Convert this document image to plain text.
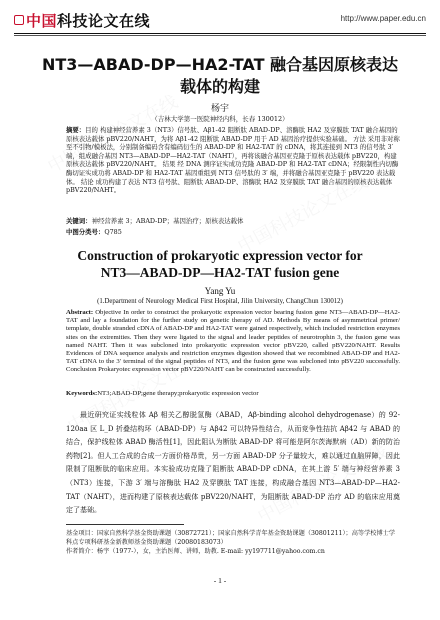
中国科技论文在线	http://www.paper.edu.cn
NT3—ABAD-DP—HA2-TAT 融合基因原核表达
载体的构建
杨宇
（吉林大学第一医院神经内科，长春 130012）
摘要：目的 构建神经营养素 3（NT3）信号肽、Aβ1-42 阻断肽 ABAD-DP、溶酶肽 HA2 及穿膜肽 TAT 融合基因的原核表达载体 pBV220/NAHT，为将 Aβ1-42 阻断肽 ABAD-DP 用于 AD 基因治疗提供实验基础。 方法 采用非对称至不引物/模板法，分别制备编码含有编码衍生的 ABAD-DP 和 HA2-TAT 的 cDNA，将其连接到 NT3 的信号肽 3′ 端，组成融合基因 NT3—ABAD-DP—HA2-TAT（NAHT），再将该融合基因亚克隆于原核表达载体 pBV220，构建原核表达载体 pBV220/NAHT。 结果 经 DNA 测序证实成功克隆 ABAD-DP 和 HA2-TAT cDNA；经限制性内切酶酶切证实成功将 ABAD-DP 和 HA2-TAT 基因重组到 NT3 信号肽的 3′ 端，并将融合基因亚克隆于 pBV220 表达载体。 结论 成功构建了表达 NT3 信号肽、阻断肽 ABAD-DP、溶酶肽 HA2 及穿膜肽 TAT 融合基因的原核表达载体 pBV220/NAHT。
关键词：神经营养素 3；ABAD-DP；基因治疗；原核表达载体
中图分类号：Q785
Construction of prokaryotic expression vector for
NT3—ABAD-DP—HA2-TAT fusion gene
Yang Yu
(1.Department of Neurology Medical First Hospital, Jilin University, ChangChun 130012)
Abstract: Objective In order to construct the prokaryotic expression vector bearing fusion gene NT3—ABAD-DP—HA2-TAT and lay a foundation for the further study on genetic therapy of AD. Methods By means of asymmetrical primer/ template, double stranded cDNA of ABAD-DP and HA2-TAT were gained respectively, which included restriction enzymes sites on the extremities. Then they were ligated to the signal and leader peptides of neurotrophin 3, the fusion gene was named NAHT. Then it was subcloned into prokaryotic expression vector pBV220, called pBV220/NAHT. Results Evidences of DNA sequence analysis and restriction enzymes digestion showed that we recombined ABAD-DP and HA2-TAT cDNA to the 3′ terminal of the signal peptides of NT3, and the fusion gene was subcloned into pBV220 successfully. Conclusion Prokaryotec expression vector pBV220/NAHT can be constructed successfully.
Keywords:NT3;ABAD-DP;gene therapy;prokaryotic expression vector
最近研究证实线粒体 Aβ 相关乙醇脱氢酶（ABAD，Aβ-binding alcohol dehydrogenase）的 92-120aa 区 L_D 折叠结构环（ABAD-DP）与 Aβ42 可以特异性结合，从而竞争性拮抗 Aβ42 与 ABAD 的结合，保护线粒体 ABAD 酶活性[1]，因此阻认为断肽 ABAD-DP 将可能是阿尔茨海默病（AD）新的防治药物[2]。但人工合成的合成一方面价格昂贵，另一方面 ABAD-DP 分子量较大，难以通过血脑屏障，因此限制了阻断肽的临床应用。本实验成功克隆了阻断肽 ABAD-DP cDNA，在其上游 5′ 端与神经营养素 3（NT3）连接，下游 3′ 端与溶酶肽 HA2 及穿膜肽 TAT 连接，构成融合基因 NT3—ABAD-DP—HA2-TAT（NAHT），进而构建了原核表达载体 pBV220/NAHT，为阻断肽 ABAD-DP 治疗 AD 的临床应用奠定了基础。
基金项目：国家自然科学基金资助课题（30872721）；国家自然科学青年基金资助课题（30801211）；高等学校博士学科点专项科研基金新教师基金资助课题（20080183073）
作者简介：杨宇（1977-），女，主治医师、讲师，助教. E-mail: yy197711@yahoo.com.cn
- 1 -
